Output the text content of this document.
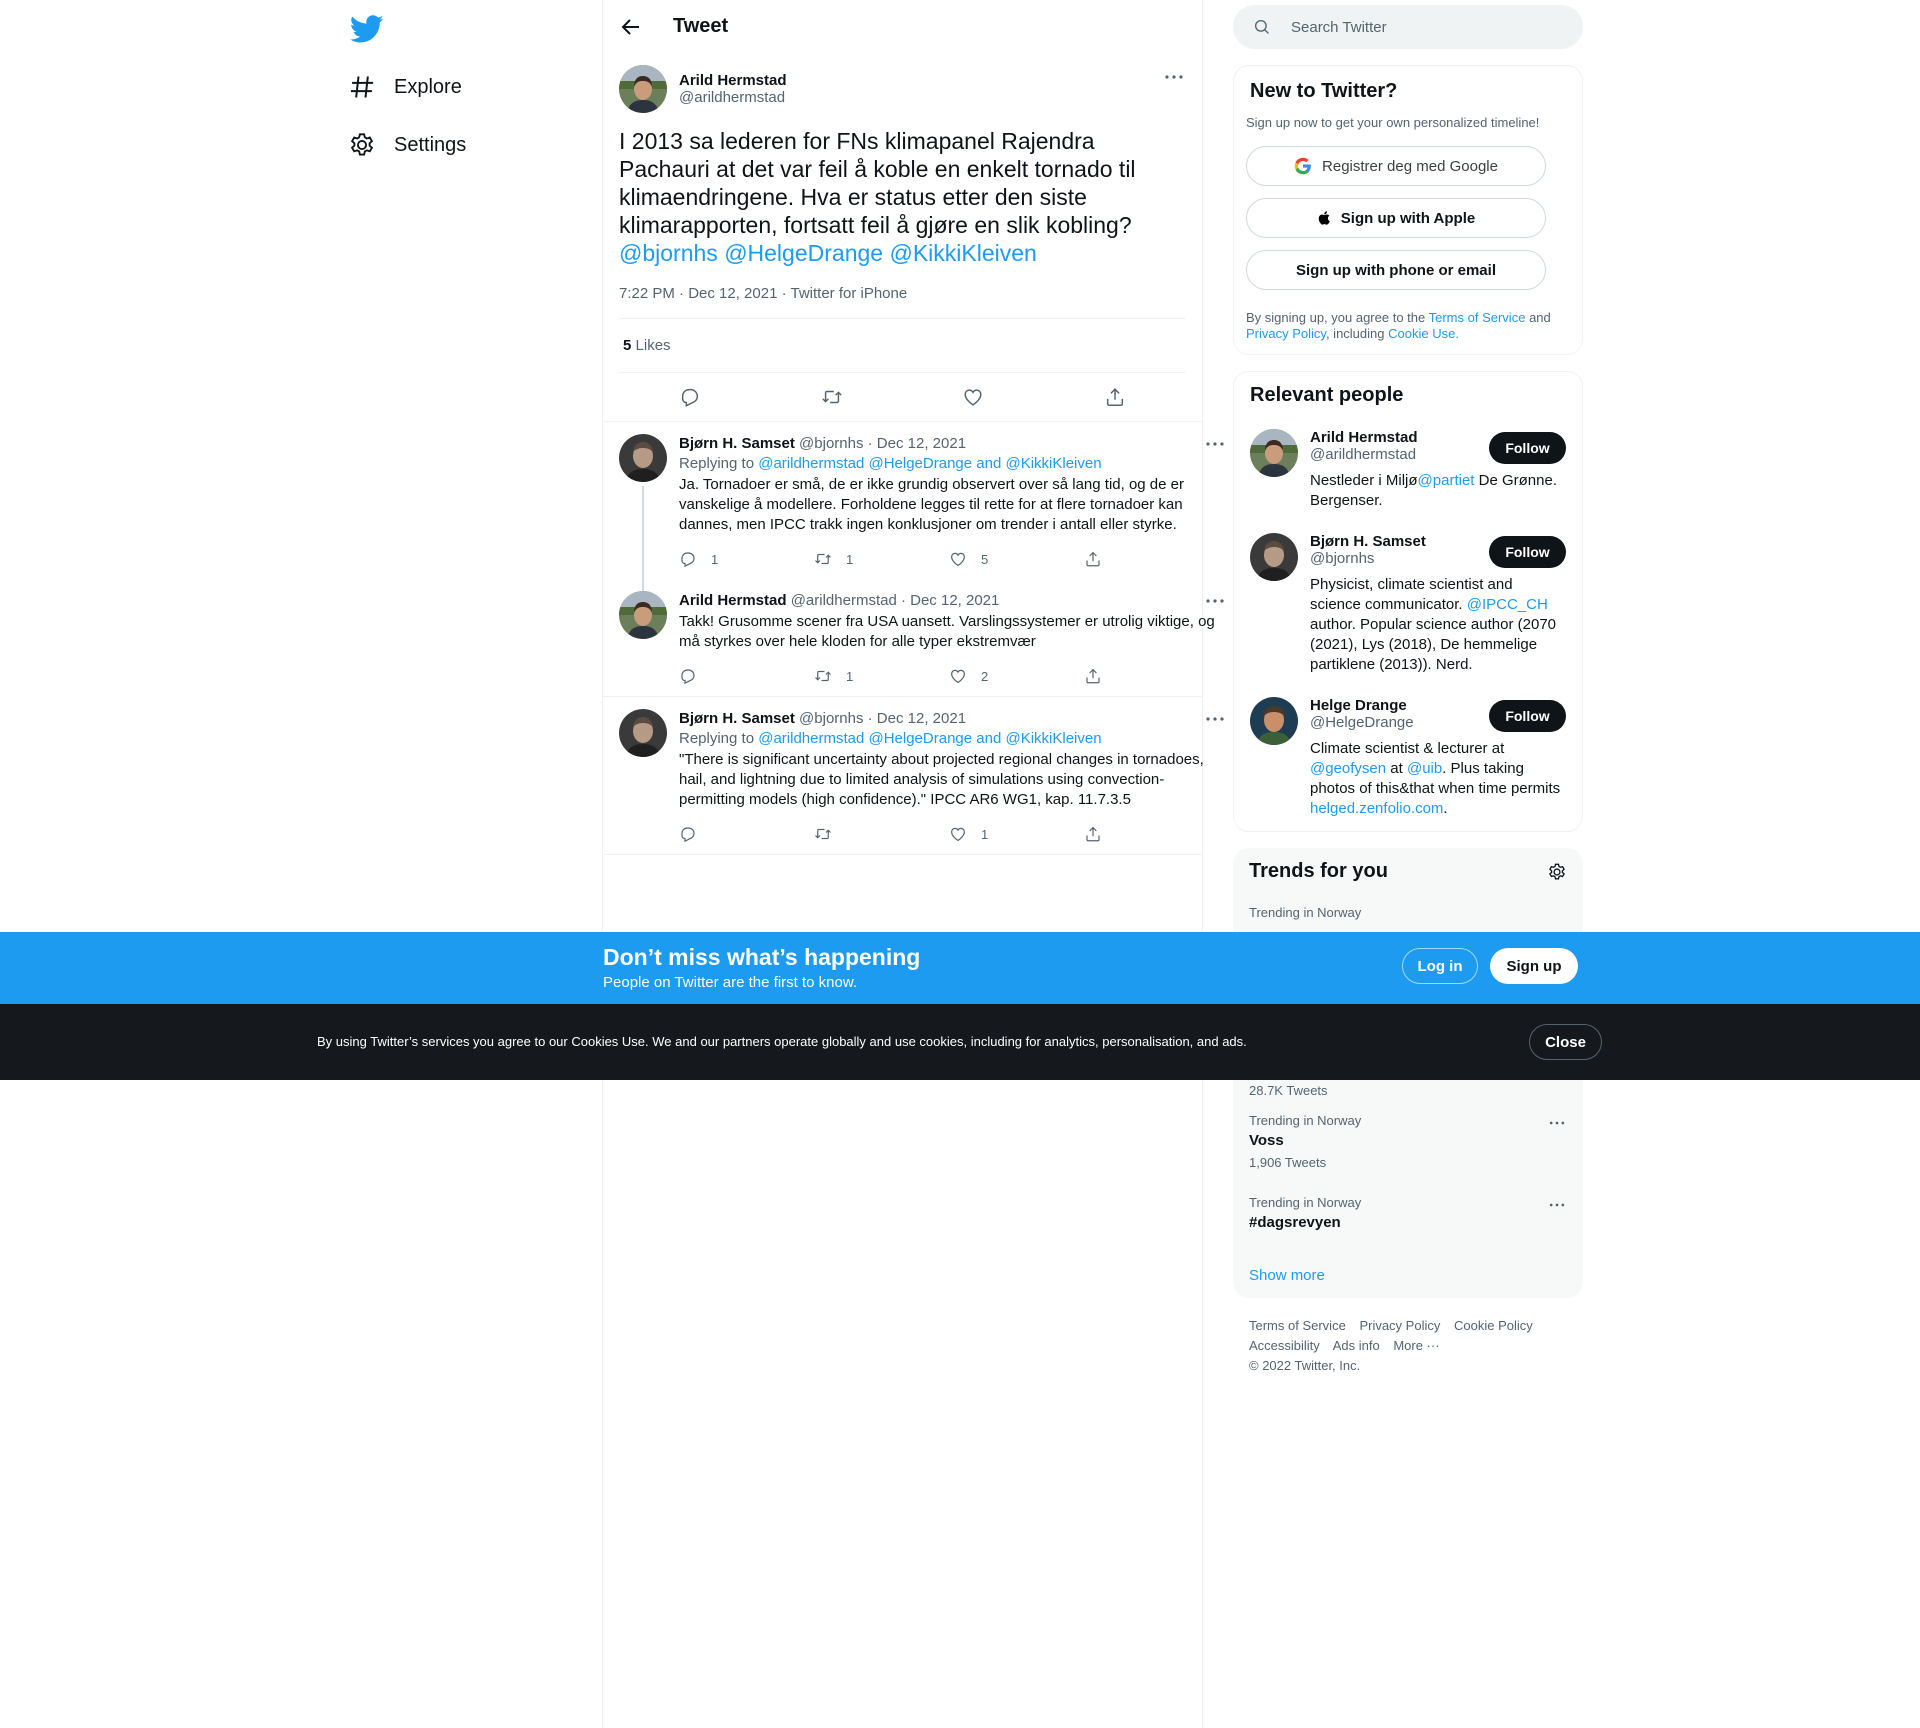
Explore
Settings
Tweet
Arild Hermstad
@arildhermstad
I 2013 sa lederen for FNs klimapanel Rajendra Pachauri at det var feil å koble en enkelt tornado til klimaendringene. Hva er status etter den siste klimarapporten, fortsatt feil å gjøre en slik kobling?
@bjornhs @HelgeDrange @KikkiKleiven
7:22 PM · Dec 12, 2021 · Twitter for iPhone
5 Likes
Bjørn H. Samset @bjornhs · Dec 12, 2021
Replying to @arildhermstad @HelgeDrange and @KikkiKleiven
Ja. Tornadoer er små, de er ikke grundig observert over så lang tid, og de er vanskelige å modellere. Forholdene legges til rette for at flere tornadoer kan dannes, men IPCC trakk ingen konklusjoner om trender i antall eller styrke.
1	1	5
Arild Hermstad @arildhermstad · Dec 12, 2021
Takk! Grusomme scener fra USA uansett. Varslingssystemer er utrolig viktige, og må styrkes over hele kloden for alle typer ekstremvær
1	2
Bjørn H. Samset @bjornhs · Dec 12, 2021
Replying to @arildhermstad @HelgeDrange and @KikkiKleiven
"There is significant uncertainty about projected regional changes in tornadoes, hail, and lightning due to limited analysis of simulations using convection- permitting models (high confidence)." IPCC AR6 WG1, kap. 11.7.3.5
1
Search Twitter
New to Twitter?
Sign up now to get your own personalized timeline!
Registrer deg med Google
Sign up with Apple
Sign up with phone or email
By signing up, you agree to the Terms of Service and Privacy Policy, including Cookie Use.
Relevant people
Arild Hermstad
@arildhermstad
Nestleder i Miljø@partiet De Grønne. Bergenser.
Follow
Bjørn H. Samset
@bjornhs
Physicist, climate scientist and science communicator. @IPCC_CH author. Popular science author (2070 (2021), Lys (2018), De hemmelige partiklene (2013)). Nerd.
Follow
Helge Drange
@HelgeDrange
Climate scientist & lecturer at @geofysen at @uib. Plus taking photos of this&that when time permits helged.zenfolio.com.
Follow
Trends for you
Trending in Norway
28.7K Tweets
Trending in Norway
Voss
1,906 Tweets
Trending in Norway
#dagsrevyen
Show more
Terms of Service Privacy Policy Cookie Policy
Accessibility Ads info More ···
© 2022 Twitter, Inc.
Don’t miss what’s happening
People on Twitter are the first to know.
Log in	Sign up
By using Twitter’s services you agree to our Cookies Use. We and our partners operate globally and use cookies, including for analytics, personalisation, and ads.	Close
